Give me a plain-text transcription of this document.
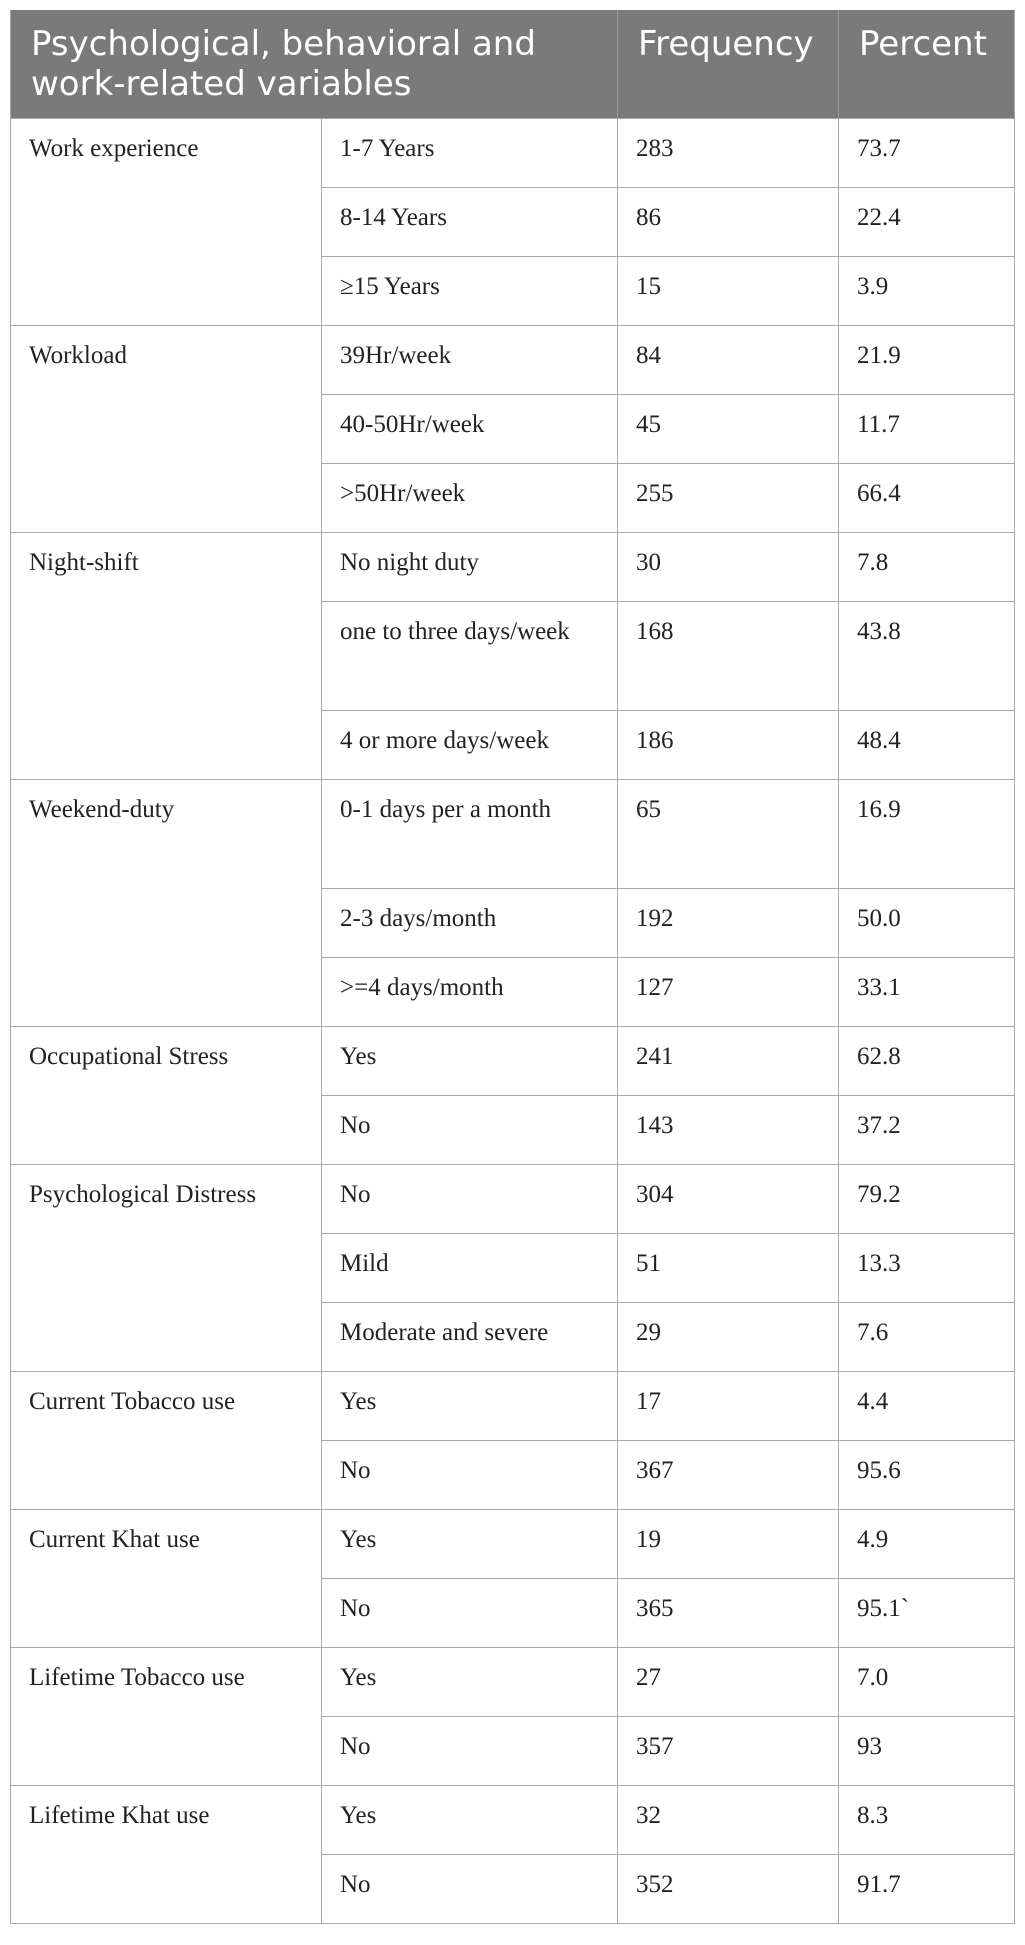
Psychological, behavioral and work-related variables		Frequency	Percent
Work experience	1-7 Years	283	73.7
	8-14 Years	86	22.4
	≥15 Years	15	3.9
Workload	39Hr/week	84	21.9
	40-50Hr/week	45	11.7
	>50Hr/week	255	66.4
Night-shift	No night duty	30	7.8
	one to three days/week	168	43.8
	4 or more days/week	186	48.4
Weekend-duty	0-1 days per a month	65	16.9
	2-3 days/month	192	50.0
	>=4 days/month	127	33.1
Occupational Stress	Yes	241	62.8
	No	143	37.2
Psychological Distress	No	304	79.2
	Mild	51	13.3
	Moderate and severe	29	7.6
Current Tobacco use	Yes	17	4.4
	No	367	95.6
Current Khat use	Yes	19	4.9
	No	365	95.1`
Lifetime Tobacco use	Yes	27	7.0
	No	357	93
Lifetime Khat use	Yes	32	8.3
	No	352	91.7
